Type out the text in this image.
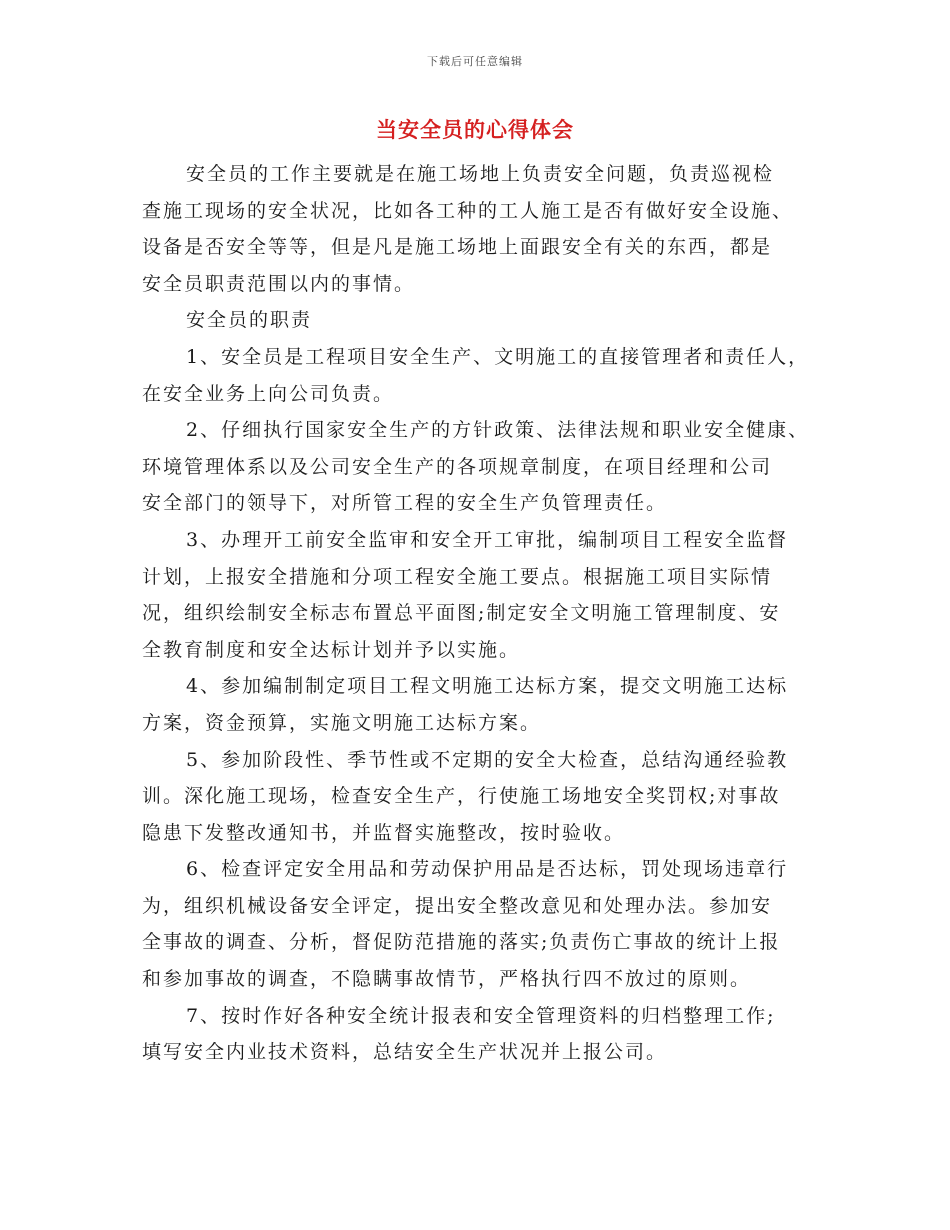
下载后可任意编辑
当安全员的心得体会
安全员的工作主要就是在施工场地上负责安全问题，负责巡视检
查施工现场的安全状况，比如各工种的工人施工是否有做好安全设施、
设备是否安全等等，但是凡是施工场地上面跟安全有关的东西，都是
安全员职责范围以内的事情。
安全员的职责
1、安全员是工程项目安全生产、文明施工的直接管理者和责任人，
在安全业务上向公司负责。
2、仔细执行国家安全生产的方针政策、法律法规和职业安全健康、
环境管理体系以及公司安全生产的各项规章制度，在项目经理和公司
安全部门的领导下，对所管工程的安全生产负管理责任。
3、办理开工前安全监审和安全开工审批，编制项目工程安全监督
计划，上报安全措施和分项工程安全施工要点。根据施工项目实际情
况，组织绘制安全标志布置总平面图;制定安全文明施工管理制度、安
全教育制度和安全达标计划并予以实施。
4、参加编制制定项目工程文明施工达标方案，提交文明施工达标
方案，资金预算，实施文明施工达标方案。
5、参加阶段性、季节性或不定期的安全大检查，总结沟通经验教
训。深化施工现场，检查安全生产，行使施工场地安全奖罚权;对事故
隐患下发整改通知书，并监督实施整改，按时验收。
6、检查评定安全用品和劳动保护用品是否达标，罚处现场违章行
为，组织机械设备安全评定，提出安全整改意见和处理办法。参加安
全事故的调查、分析，督促防范措施的落实;负责伤亡事故的统计上报
和参加事故的调查，不隐瞒事故情节，严格执行四不放过的原则。
7、按时作好各种安全统计报表和安全管理资料的归档整理工作;
填写安全内业技术资料，总结安全生产状况并上报公司。
